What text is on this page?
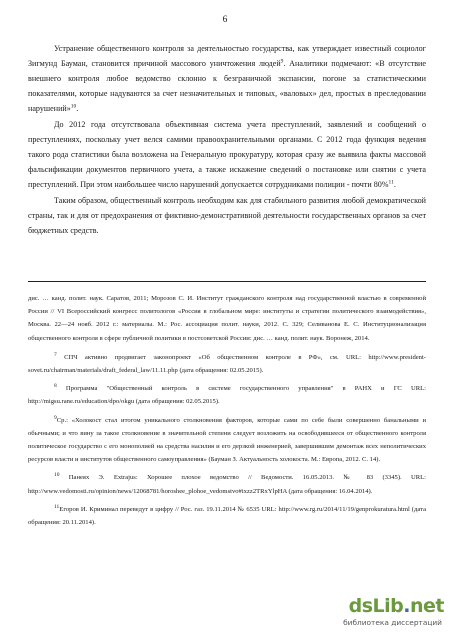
6

Устранение общественного контроля за деятельностью государства, как утверждает известный социолог Зигмунд Бауман, становится причиной массового уничтожения людей$^9$. Аналитики подмечают: «В отсутствие внешнего контроля любое ведомство склонно к безграничной экспансии, погоне за статистическими показателями, которые надуваются за счет незначительных и типовых, «валовых» дел, простых в преследовании нарушений»$^{10}$.

До 2012 года отсутствовала объективная система учета преступлений, заявлений и сообщений о преступлениях, поскольку учет велся самими правоохранительными органами. С 2012 года функция ведения такого рода статистики была возложена на Генеральную прокуратуру, которая сразу же выявила факты массовой фальсификации документов первичного учета, а также искажение сведений о постановке или снятии с учета преступлений. При этом наибольшее число нарушений допускается сотрудниками полиции - почти 80%$^{11}$.

Таким образом, общественный контроль необходим как для стабильного развития любой демократической страны, так и для от предохранения от фиктивно-демонстративной деятельности государственных органов за счет бюджетных средств.

дис. … канд. полит. наук. Саратов, 2011; Морозов С. И. Институт гражданского контроля над государственной властью в современной России // VI Всероссийский конгресс политологов «Россия в глобальном мире: институты и стратегии политического взаимодействия», Москва. 22—24 нояб. 2012 г.: материалы. М.: Рос. ассоциация полит. науки, 2012. С. 329; Селиванова Е. С. Институционализация общественного контроля в сфере публичной политики в постсоветской России: дис. … канд. полит. наук. Воронеж, 2014.

$^7$ СПЧ активно продвигает законопроект «Об общественном контроле в РФ», см. URL: http://www.president-sovet.ru/chairman/materials/draft_federal_law/11.11.php (дата обращения: 02.05.2015).

$^8$ Программа "Общественный контроль в системе государственного управления" в РАНХ и ГС URL: http://migsu.rane.ru/education/dpo/okgu (дата обращения: 02.05.2015).

$^9$Ср.: «Холокост стал итогом уникального столкновения факторов, которые сами по себе были совершенно банальными и обычными; и что вину за такое столкновение в значительной степени следует возложить на освободившееся от общественного контроля политическое государство с его монополией на средства насилия и его дерзкой инженерией, завершившим демонтаж всех неполитических ресурсов власти и институтов общественного самоуправления» (Бауман З. Актуальность холокоста. М.: Европа, 2012. С. 14).

$^{10}$ Панеях Э. Extrajus: Хорошее плохое ведомство // Ведомости. 16.05.2013. № 83 (3345). URL: http://www.vedomosti.ru/opinion/news/12068781/horoshee_plohoe_vedomstvo#ixzz2TRxYlpHA (дата обращения: 16.04.2014).

$^{11}$Егоров И. Криминал переведут в цифру // Рос. газ. 19.11.2014 № 6535 URL: http://www.rg.ru/2014/11/19/genprokuratura.html (дата обращения: 20.11.2014).

dsLib.net
библиотека диссертаций
